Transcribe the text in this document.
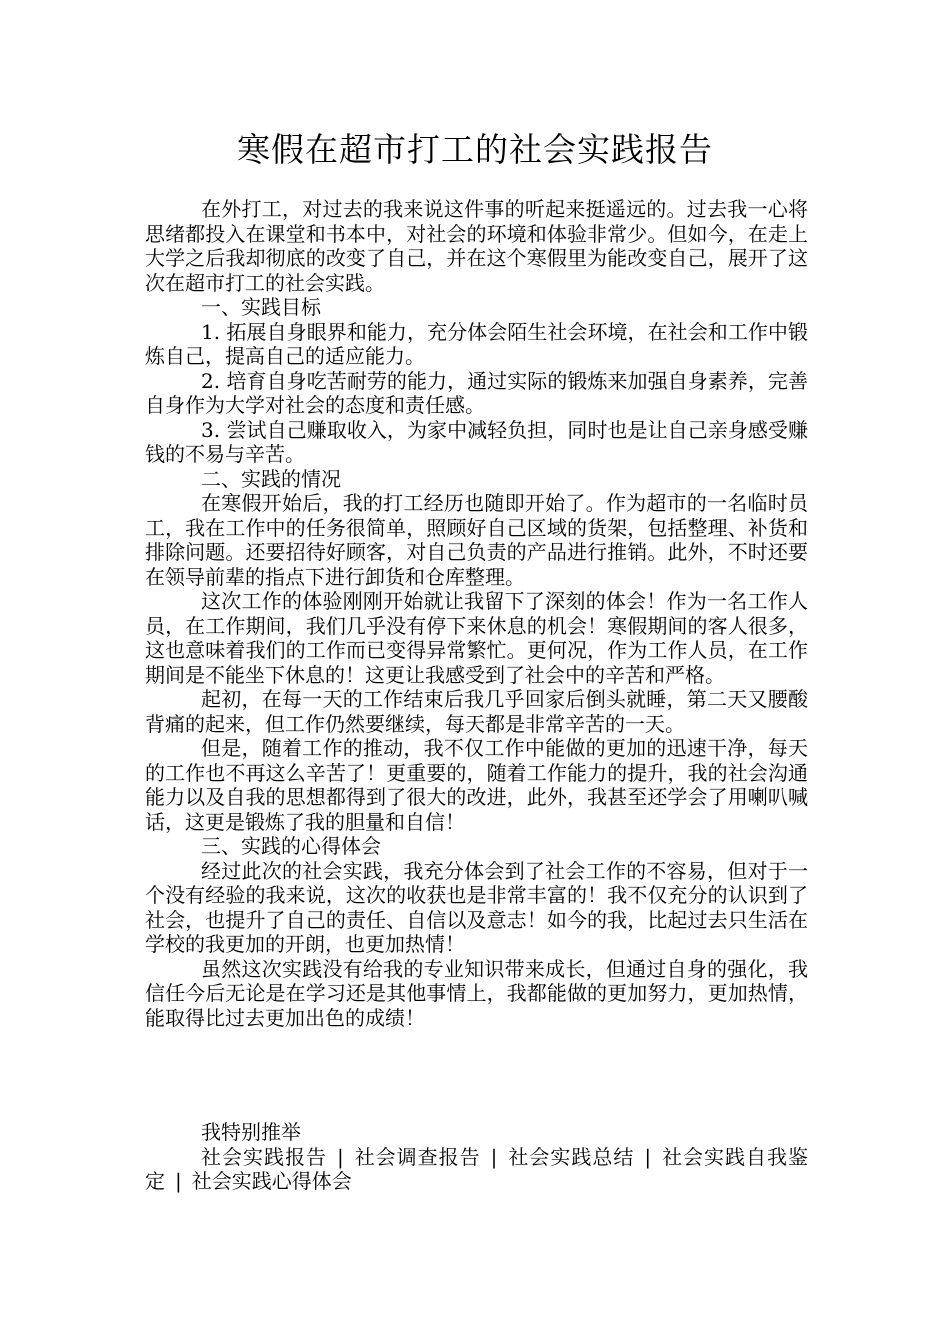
寒假在超市打工的社会实践报告

在外打工，对过去的我来说这件事的听起来挺遥远的。过去我一心将思绪都投入在课堂和书本中，对社会的环境和体验非常少。但如今，在走上大学之后我却彻底的改变了自己，并在这个寒假里为能改变自己，展开了这次在超市打工的社会实践。

一、实践目标

1. 拓展自身眼界和能力，充分体会陌生社会环境，在社会和工作中锻炼自己，提高自己的适应能力。

2. 培育自身吃苦耐劳的能力，通过实际的锻炼来加强自身素养，完善自身作为大学对社会的态度和责任感。

3. 尝试自己赚取收入，为家中减轻负担，同时也是让自己亲身感受赚钱的不易与辛苦。

二、实践的情况

在寒假开始后，我的打工经历也随即开始了。作为超市的一名临时员工，我在工作中的任务很简单，照顾好自己区域的货架，包括整理、补货和排除问题。还要招待好顾客，对自己负责的产品进行推销。此外，不时还要在领导前辈的指点下进行卸货和仓库整理。

这次工作的体验刚刚开始就让我留下了深刻的体会！作为一名工作人员，在工作期间，我们几乎没有停下来休息的机会！寒假期间的客人很多，这也意味着我们的工作而已变得异常繁忙。更何况，作为工作人员，在工作期间是不能坐下休息的！这更让我感受到了社会中的辛苦和严格。

起初，在每一天的工作结束后我几乎回家后倒头就睡，第二天又腰酸背痛的起来，但工作仍然要继续，每天都是非常辛苦的一天。

但是，随着工作的推动，我不仅工作中能做的更加的迅速干净，每天的工作也不再这么辛苦了！更重要的，随着工作能力的提升，我的社会沟通能力以及自我的思想都得到了很大的改进，此外，我甚至还学会了用喇叭喊话，这更是锻炼了我的胆量和自信！

三、实践的心得体会

经过此次的社会实践，我充分体会到了社会工作的不容易，但对于一个没有经验的我来说，这次的收获也是非常丰富的！我不仅充分的认识到了社会，也提升了自己的责任、自信以及意志！如今的我，比起过去只生活在学校的我更加的开朗，也更加热情！

虽然这次实践没有给我的专业知识带来成长，但通过自身的强化，我信任今后无论是在学习还是其他事情上，我都能做的更加努力，更加热情，能取得比过去更加出色的成绩！

我特别推举

社会实践报告 | 社会调查报告 | 社会实践总结 | 社会实践自我鉴定 | 社会实践心得体会
